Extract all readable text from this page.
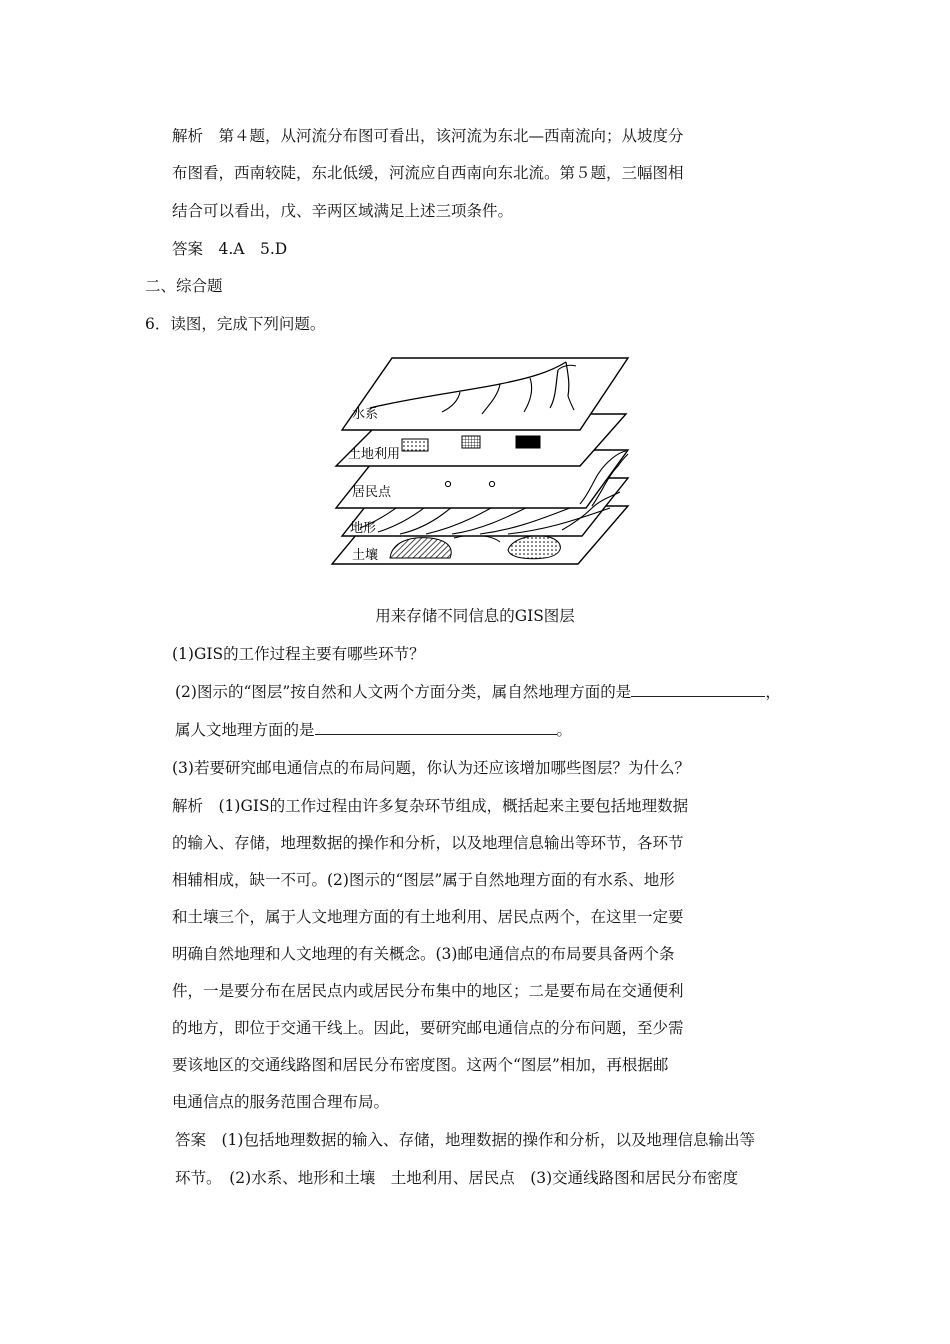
解析　第４题，从河流分布图可看出，该河流为东北—西南流向；从坡度分
布图看，西南较陡，东北低缓，河流应自西南向东北流。第５题，三幅图相
结合可以看出，戊、辛两区域满足上述三项条件。
答案　4.A　5.D
二、综合题
6．读图，完成下列问题。
水系
土地利用
居民点
地形
土壤
用来存储不同信息的GIS图层
(1)GIS的工作过程主要有哪些环节？
(2)图示的“图层”按自然和人文两个方面分类，属自然地理方面的是	，
属人文地理方面的是	。
(3)若要研究邮电通信点的布局问题，你认为还应该增加哪些图层？为什么？
解析　(1)GIS的工作过程由许多复杂环节组成，概括起来主要包括地理数据
的输入、存储，地理数据的操作和分析，以及地理信息输出等环节，各环节
相辅相成，缺一不可。(2)图示的“图层”属于自然地理方面的有水系、地形
和土壤三个，属于人文地理方面的有土地利用、居民点两个，在这里一定要
明确自然地理和人文地理的有关概念。(3)邮电通信点的布局要具备两个条
件，一是要分布在居民点内或居民分布集中的地区；二是要布局在交通便利
的地方，即位于交通干线上。因此，要研究邮电通信点的分布问题，至少需
要该地区的交通线路图和居民分布密度图。这两个“图层”相加，再根据邮
电通信点的服务范围合理布局。
答案　(1)包括地理数据的输入、存储，地理数据的操作和分析，以及地理信息输出等
环节。　(2)水系、地形和土壤　土地利用、居民点　(3)交通线路图和居民分布密度
